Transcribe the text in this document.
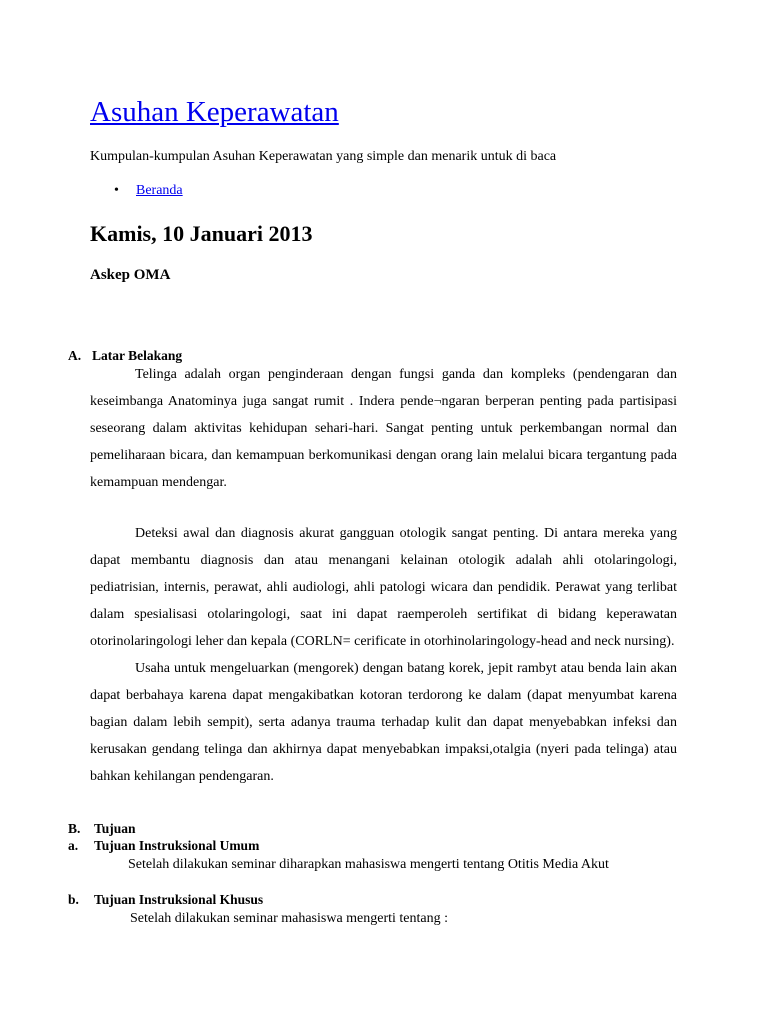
Asuhan Keperawatan
Kumpulan-kumpulan Asuhan Keperawatan yang simple dan menarik untuk di baca
• Beranda
Kamis, 10 Januari 2013
Askep OMA
A. Latar Belakang

Telinga adalah organ penginderaan dengan fungsi ganda dan kompleks (pendengaran dan keseimbanga Anatominya juga sangat rumit . Indera pende¬ngaran berperan penting pada partisipasi seseorang dalam aktivitas kehidupan sehari-hari. Sangat penting untuk perkembangan normal dan pemeliharaan bicara, dan kemampuan berkomunikasi dengan orang lain melalui bicara tergantung pada kemampuan mendengar.

Deteksi awal dan diagnosis akurat gangguan otologik sangat penting. Di antara mereka yang dapat membantu diagnosis dan atau menangani kelainan otologik adalah ahli otolaringologi, pediatrisian, internis, perawat, ahli audiologi, ahli patologi wicara dan pendidik. Perawat yang terlibat dalam spesialisasi otolaringologi, saat ini dapat raemperoleh sertifikat di bidang keperawatan otorinolaringologi leher dan kepala (CORLN= cerificate in otorhinolaringology-head and neck nursing).

Usaha untuk mengeluarkan (mengorek) dengan batang korek, jepit rambyt atau benda lain akan dapat berbahaya karena dapat mengakibatkan kotoran terdorong ke dalam (dapat menyumbat karena bagian dalam lebih sempit), serta adanya trauma terhadap kulit dan dapat menyebabkan infeksi dan kerusakan gendang telinga dan akhirnya dapat menyebabkan impaksi,otalgia (nyeri pada telinga) atau bahkan kehilangan pendengaran.

B. Tujuan
a. Tujuan Instruksional Umum
Setelah dilakukan seminar diharapkan mahasiswa mengerti tentang Otitis Media Akut
b. Tujuan Instruksional Khusus
Setelah dilakukan seminar mahasiswa mengerti tentang :
